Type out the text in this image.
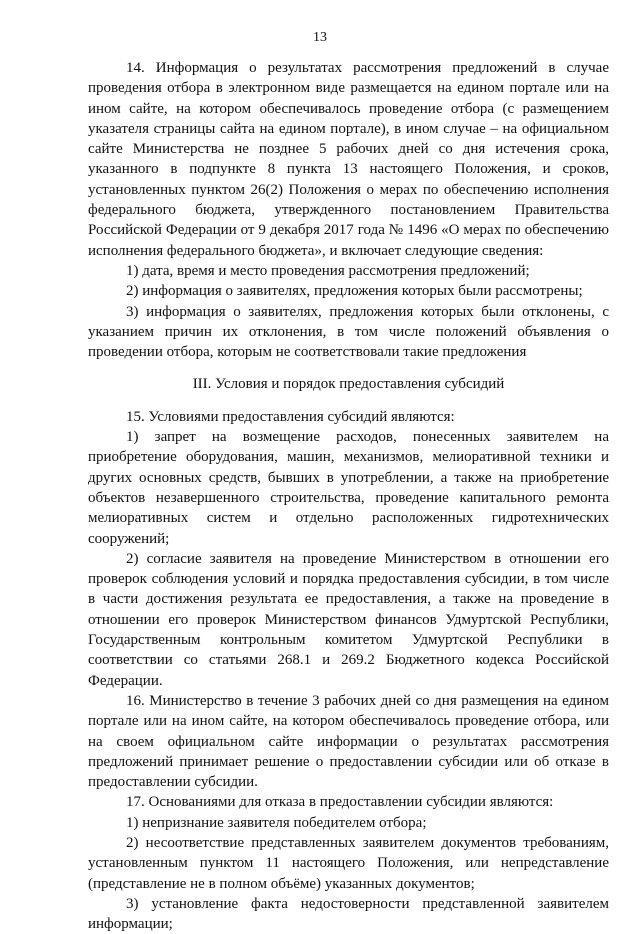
13

14. Информация о результатах рассмотрения предложений в случае проведения отбора в электронном виде размещается на едином портале или на ином сайте, на котором обеспечивалось проведение отбора (с размещением указателя страницы сайта на едином портале), в ином случае – на официальном сайте Министерства не позднее 5 рабочих дней со дня истечения срока, указанного в подпункте 8 пункта 13 настоящего Положения, и сроков, установленных пунктом 26(2) Положения о мерах по обеспечению исполнения федерального бюджета, утвержденного постановлением Правительства Российской Федерации от 9 декабря 2017 года № 1496 «О мерах по обеспечению исполнения федерального бюджета», и включает следующие сведения:

1) дата, время и место проведения рассмотрения предложений;

2) информация о заявителях, предложения которых были рассмотрены;

3) информация о заявителях, предложения которых были отклонены, с указанием причин их отклонения, в том числе положений объявления о проведении отбора, которым не соответствовали такие предложения

III. Условия и порядок предоставления субсидий

15. Условиями предоставления субсидий являются:

1) запрет на возмещение расходов, понесенных заявителем на приобретение оборудования, машин, механизмов, мелиоративной техники и других основных средств, бывших в употреблении, а также на приобретение объектов незавершенного строительства, проведение капитального ремонта мелиоративных систем и отдельно расположенных гидротехнических сооружений;

2) согласие заявителя на проведение Министерством в отношении его проверок соблюдения условий и порядка предоставления субсидии, в том числе в части достижения результата ее предоставления, а также на проведение в отношении его проверок Министерством финансов Удмуртской Республики, Государственным контрольным комитетом Удмуртской Республики в соответствии со статьями 268.1 и 269.2 Бюджетного кодекса Российской Федерации.

16. Министерство в течение 3 рабочих дней со дня размещения на едином портале или на ином сайте, на котором обеспечивалось проведение отбора, или на своем официальном сайте информации о результатах рассмотрения предложений принимает решение о предоставлении субсидии или об отказе в предоставлении субсидии.

17. Основаниями для отказа в предоставлении субсидии являются:

1) непризнание заявителя победителем отбора;

2) несоответствие представленных заявителем документов требованиям, установленным пунктом 11 настоящего Положения, или непредставление (представление не в полном объёме) указанных документов;

3) установление факта недостоверности представленной заявителем информации;
